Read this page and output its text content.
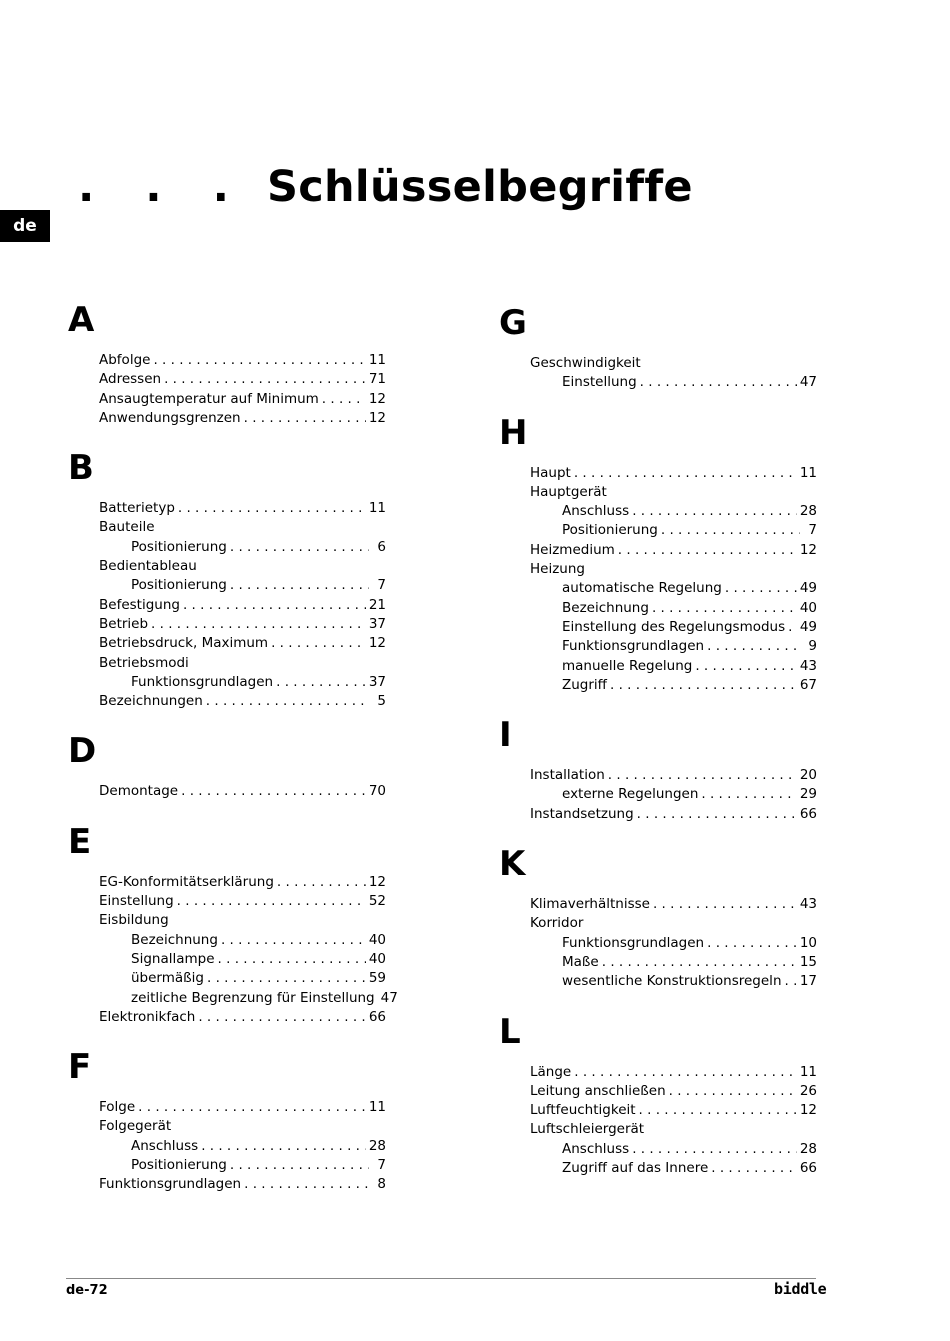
de
. . . Schlüsselbegriffe
A
Abfolge . . .	11
Adressen . . .	71
Ansaugtemperatur auf Minimum . . .	12
Anwendungsgrenzen . . .	12
B
Batterietyp . . .	11
Bauteile
Positionierung . . .	6
Bedientableau
Positionierung . . .	7
Befestigung . . .	21
Betrieb . . .	37
Betriebsdruck, Maximum . . .	12
Betriebsmodi
Funktionsgrundlagen . . .	37
Bezeichnungen . . .	5
D
Demontage . . .	70
E
EG-Konformitätserklärung . . .	12
Einstellung . . .	52
Eisbildung
Bezeichnung . . .	40
Signallampe . . .	40
übermäßig . . .	59
zeitliche Begrenzung für Einstellung 47
Elektronikfach . . .	66
F
Folge . . .	11
Folgegerät
Anschluss . . .	28
Positionierung . . .	7
Funktionsgrundlagen . . .	8
G
Geschwindigkeit
Einstellung . . .	47
H
Haupt . . .	11
Hauptgerät
Anschluss . . .	28
Positionierung . . .	7
Heizmedium . . .	12
Heizung
automatische Regelung . . .	49
Bezeichnung . . .	40
Einstellung des Regelungsmodus . . . 49
Funktionsgrundlagen . . .	9
manuelle Regelung . . .	43
Zugriff . . .	67
I
Installation . . .	20
externe Regelungen . . .	29
Instandsetzung . . .	66
K
Klimaverhältnisse . . .	43
Korridor
Funktionsgrundlagen . . .	10
Maße . . .	15
wesentliche Konstruktionsregeln . . . 17
L
Länge . . .	11
Leitung anschließen . . .	26
Luftfeuchtigkeit . . .	12
Luftschleiergerät
Anschluss . . .	28
Zugriff auf das Innere . . .	66
de-72	biddle
